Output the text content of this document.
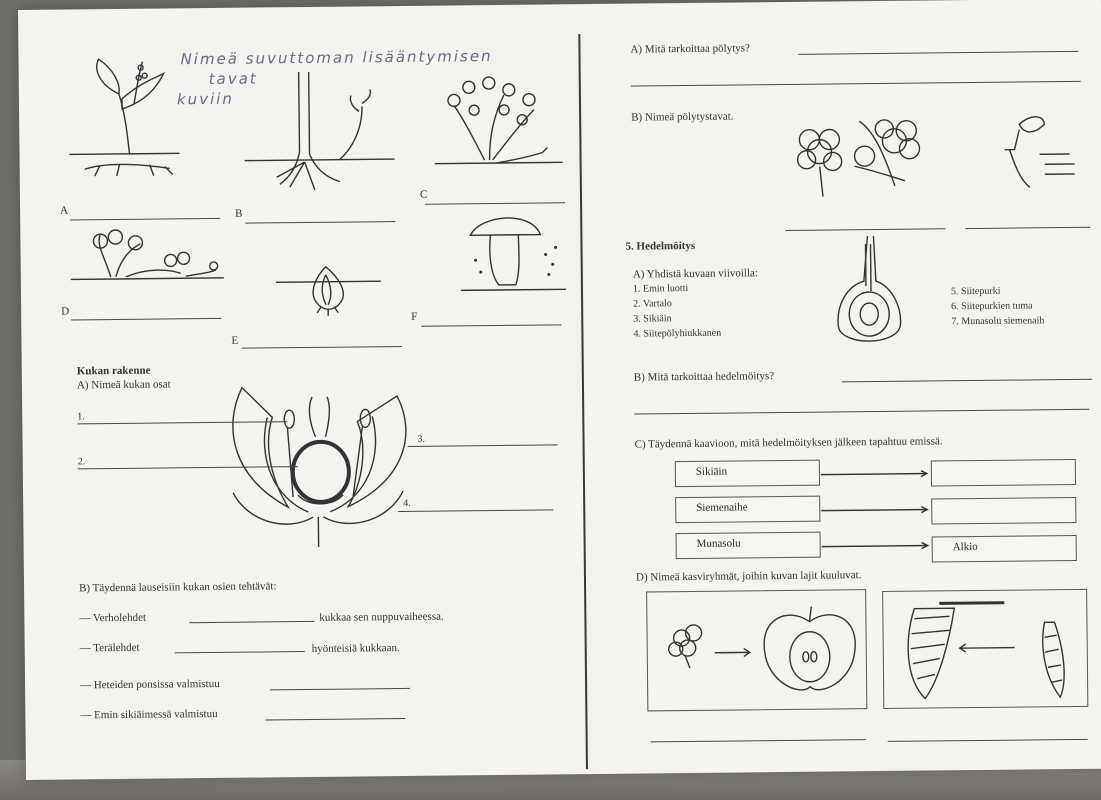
Nimeä suvuttoman lisääntymisen
tavat
kuviin
A	B
C
D
E
F
Kukan rakenne
A) Nimeä kukan osat
1.
2.
3.
4.
B) Täydennä lauseisiin kukan osien tehtävät:
— Verholehdet	kukkaa sen nuppuvaiheessa.
— Terälehdet	hyönteisiä kukkaan.
— Heteiden ponsissa valmistuu
— Emin sikiäimessä valmistuu
A) Mitä tarkoittaa pölytys?
B) Nimeä pölytystavat.
5. Hedelmöitys
A) Yhdistä kuvaan viivoilla:
1. Emin luotti
2. Vartalo
3. Sikiäin
4. Siitepölyhiukkanen
5. Siitepurki
6. Siitepurkien tuma
7. Munasolu siemenaih
B) Mitä tarkoittaa hedelmöitys?
C) Täydennä kaavioon, mitä hedelmöityksen jälkeen tapahtuu emissä.
Sikiäin
Siemenaihe
Munasolu	Alkio
D) Nimeä kasviryhmät, joihin kuvan lajit kuuluvat.
